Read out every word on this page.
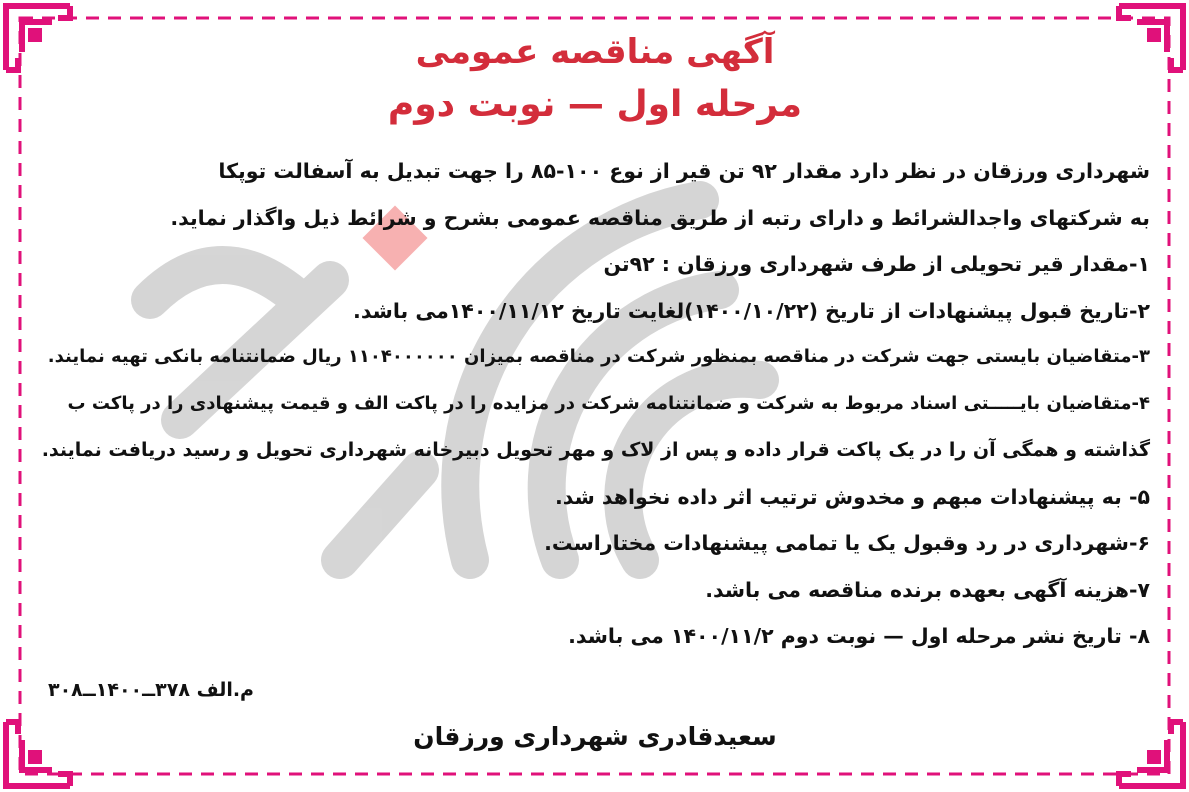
آگهی مناقصه عمومی
مرحله اول — نوبت دوم
شهرداری ورزقان در نظر دارد مقدار ۹۲ تن قیر از نوع ۱۰۰-۸۵ را جهت تبدیل به آسفالت توپکا
به شرکتهای واجدالشرائط و دارای رتبه از طریق مناقصه عمومی بشرح و شرائط ذیل واگذار نماید.
۱-مقدار قیر تحویلی از طرف شهرداری ورزقان : ۹۲تن
۲-تاریخ قبول پیشنهادات از تاریخ (۱۴۰۰/۱۰/۲۲)لغایت تاریخ ۱۴۰۰/۱۱/۱۲می باشد.
۳-متقاضیان بایستی جهت شرکت در مناقصه بمنظور شرکت در مناقصه بمیزان ۱۱۰۴۰۰۰۰۰۰ ریال ضمانتنامه بانکی تهیه نمایند.
۴-متقاضیان بایـــــتی اسناد مربوط به شرکت و ضمانتنامه شرکت در مزایده را در پاکت الف و قیمت پیشنهادی را در پاکت ب
گذاشته و همگی آن را در یک پاکت قرار داده و پس از لاک و مهر تحویل دبیرخانه شهرداری تحویل و رسید دریافت نمایند.
۵- به پیشنهادات مبهم و مخدوش ترتیب اثر داده نخواهد شد.
۶-شهرداری در رد وقبول یک یا تمامی پیشنهادات مختاراست.
۷-هزینه آگهی بعهده برنده مناقصه می باشد.
۸- تاریخ نشر مرحله اول — نوبت دوم ۱۴۰۰/۱۱/۲ می باشد.
م.الف ۳۷۸ــ۱۴۰۰ــ۳۰۸
سعیدقادری شهرداری ورزقان
